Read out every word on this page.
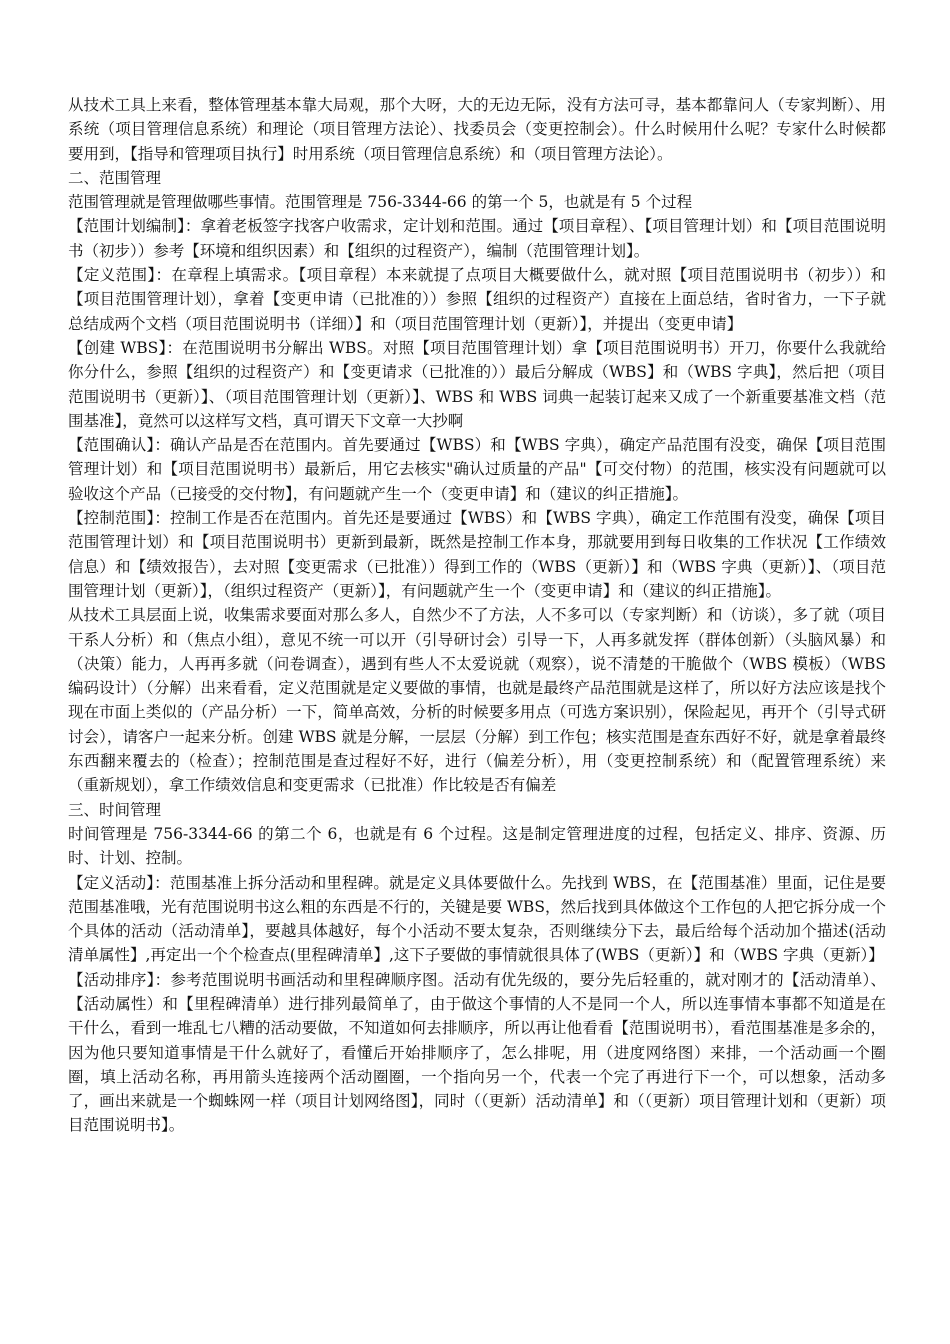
从技术工具上来看，整体管理基本靠大局观，那个大呀，大的无边无际，没有方法可寻，基本都靠问人（专家判断）、用系统（项目管理信息系统）和理论（项目管理方法论）、找委员会（变更控制会）。什么时候用什么呢？专家什么时候都要用到，【指导和管理项目执行】时用系统（项目管理信息系统）和（项目管理方法论）。

二、范围管理

范围管理就是管理做哪些事情。范围管理是 756-3344-66 的第一个 5，也就是有 5 个过程

【范围计划编制】：拿着老板签字找客户收需求，定计划和范围。通过【项目章程）、【项目管理计划）和【项目范围说明书（初步））参考【环境和组织因素）和【组织的过程资产），编制（范围管理计划】。

【定义范围】：在章程上填需求。【项目章程）本来就提了点项目大概要做什么，就对照【项目范围说明书（初步））和【项目范围管理计划），拿着【变更申请（已批准的））参照【组织的过程资产）直接在上面总结，省时省力，一下子就总结成两个文档（项目范围说明书（详细）】和（项目范围管理计划（更新）】，并提出（变更申请】

【创建 WBS】：在范围说明书分解出 WBS。对照【项目范围管理计划）拿【项目范围说明书）开刀，你要什么我就给你分什么，参照【组织的过程资产）和【变更请求（已批准的））最后分解成（WBS】和（WBS 字典】，然后把（项目范围说明书（更新）】、（项目范围管理计划（更新）】、WBS 和 WBS 词典一起装订起来又成了一个新重要基准文档（范围基准】，竟然可以这样写文档，真可谓天下文章一大抄啊

【范围确认】：确认产品是否在范围内。首先要通过【WBS）和【WBS 字典），确定产品范围有没变，确保【项目范围管理计划）和【项目范围说明书）最新后，用它去核实"确认过质量的产品"【可交付物）的范围，核实没有问题就可以验收这个产品（已接受的交付物】，有问题就产生一个（变更申请】和（建议的纠正措施】。

【控制范围】：控制工作是否在范围内。首先还是要通过【WBS）和【WBS 字典），确定工作范围有没变，确保【项目范围管理计划）和【项目范围说明书）更新到最新，既然是控制工作本身，那就要用到每日收集的工作状况【工作绩效信息）和【绩效报告），去对照【变更需求（已批准））得到工作的（WBS（更新）】和（WBS 字典（更新）】、（项目范围管理计划（更新）】，（组织过程资产（更新）】，有问题就产生一个（变更申请】和（建议的纠正措施】。

从技术工具层面上说，收集需求要面对那么多人，自然少不了方法，人不多可以（专家判断）和（访谈），多了就（项目干系人分析）和（焦点小组），意见不统一可以开（引导研讨会）引导一下，人再多就发挥（群体创新）（头脑风暴）和（决策）能力，人再再多就（问卷调查），遇到有些人不太爱说就（观察），说不清楚的干脆做个（WBS 模板）（WBS 编码设计）（分解）出来看看，定义范围就是定义要做的事情，也就是最终产品范围就是这样了，所以好方法应该是找个现在市面上类似的（产品分析）一下，简单高效，分析的时候要多用点（可选方案识别），保险起见，再开个（引导式研讨会），请客户一起来分析。创建 WBS 就是分解，一层层（分解）到工作包；核实范围是查东西好不好，就是拿着最终东西翻来覆去的（检查）；控制范围是查过程好不好，进行（偏差分析），用（变更控制系统）和（配置管理系统）来（重新规划），拿工作绩效信息和变更需求（已批准）作比较是否有偏差

三、时间管理

时间管理是 756-3344-66 的第二个 6，也就是有 6 个过程。这是制定管理进度的过程，包括定义、排序、资源、历时、计划、控制。

【定义活动】：范围基准上拆分活动和里程碑。就是定义具体要做什么。先找到 WBS，在【范围基准）里面，记住是要范围基准哦，光有范围说明书这么粗的东西是不行的，关键是要 WBS，然后找到具体做这个工作包的人把它拆分成一个个具体的活动（活动清单】，要越具体越好，每个小活动不要太复杂，否则继续分下去，最后给每个活动加个描述(活动清单属性】,再定出一个个检查点(里程碑清单】,这下子要做的事情就很具体了(WBS（更新）】和（WBS 字典（更新）】

【活动排序】：参考范围说明书画活动和里程碑顺序图。活动有优先级的，要分先后轻重的，就对刚才的【活动清单）、【活动属性）和【里程碑清单）进行排列最简单了，由于做这个事情的人不是同一个人，所以连事情本事都不知道是在干什么，看到一堆乱七八糟的活动要做，不知道如何去排顺序，所以再让他看看【范围说明书），看范围基准是多余的，因为他只要知道事情是干什么就好了，看懂后开始排顺序了，怎么排呢，用（进度网络图）来排，一个活动画一个圈圈，填上活动名称，再用箭头连接两个活动圈圈，一个指向另一个，代表一个完了再进行下一个，可以想象，活动多了，画出来就是一个蜘蛛网一样（项目计划网络图】，同时（（更新）活动清单】和（（更新）项目管理计划和（更新）项目范围说明书】。
